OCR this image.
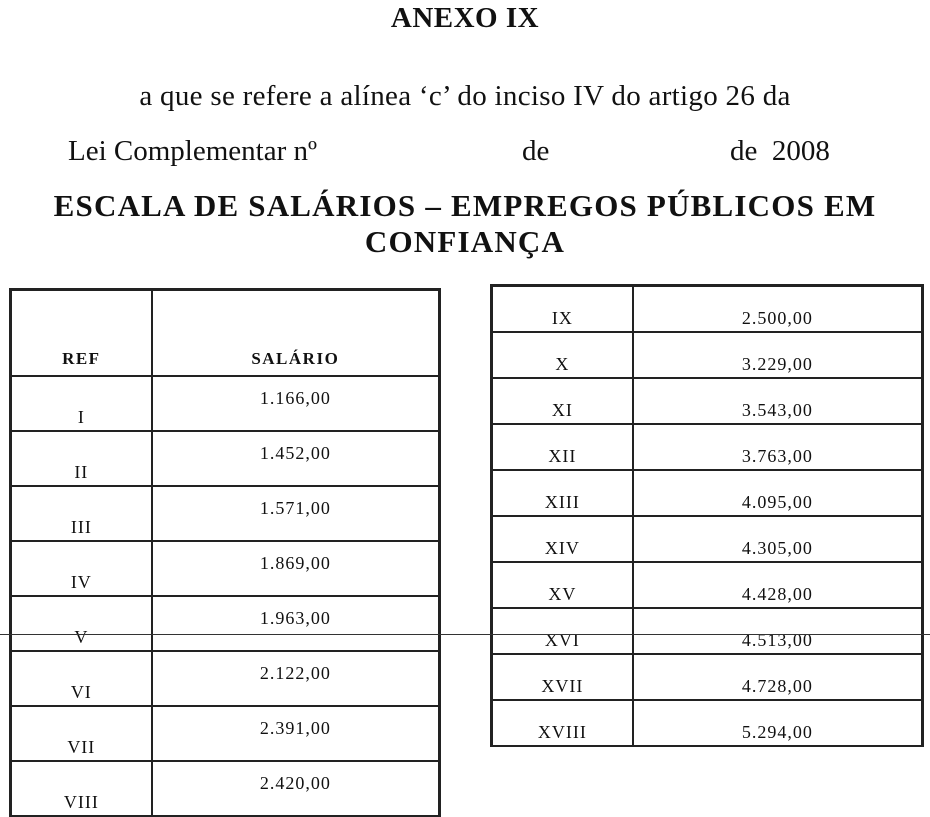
ANEXO IX
a que se refere a alínea ‘c’ do inciso IV do artigo 26 da
Lei Complementar nº	de	de  2008
ESCALA DE SALÁRIOS – EMPREGOS PÚBLICOS EM
CONFIANÇA
REF	SALÁRIO
I	1.166,00
II	1.452,00
III	1.571,00
IV	1.869,00
V	1.963,00
VI	2.122,00
VII	2.391,00
VIII	2.420,00
IX	2.500,00
X	3.229,00
XI	3.543,00
XII	3.763,00
XIII	4.095,00
XIV	4.305,00
XV	4.428,00
XVI	4.513,00
XVII	4.728,00
XVIII	5.294,00
